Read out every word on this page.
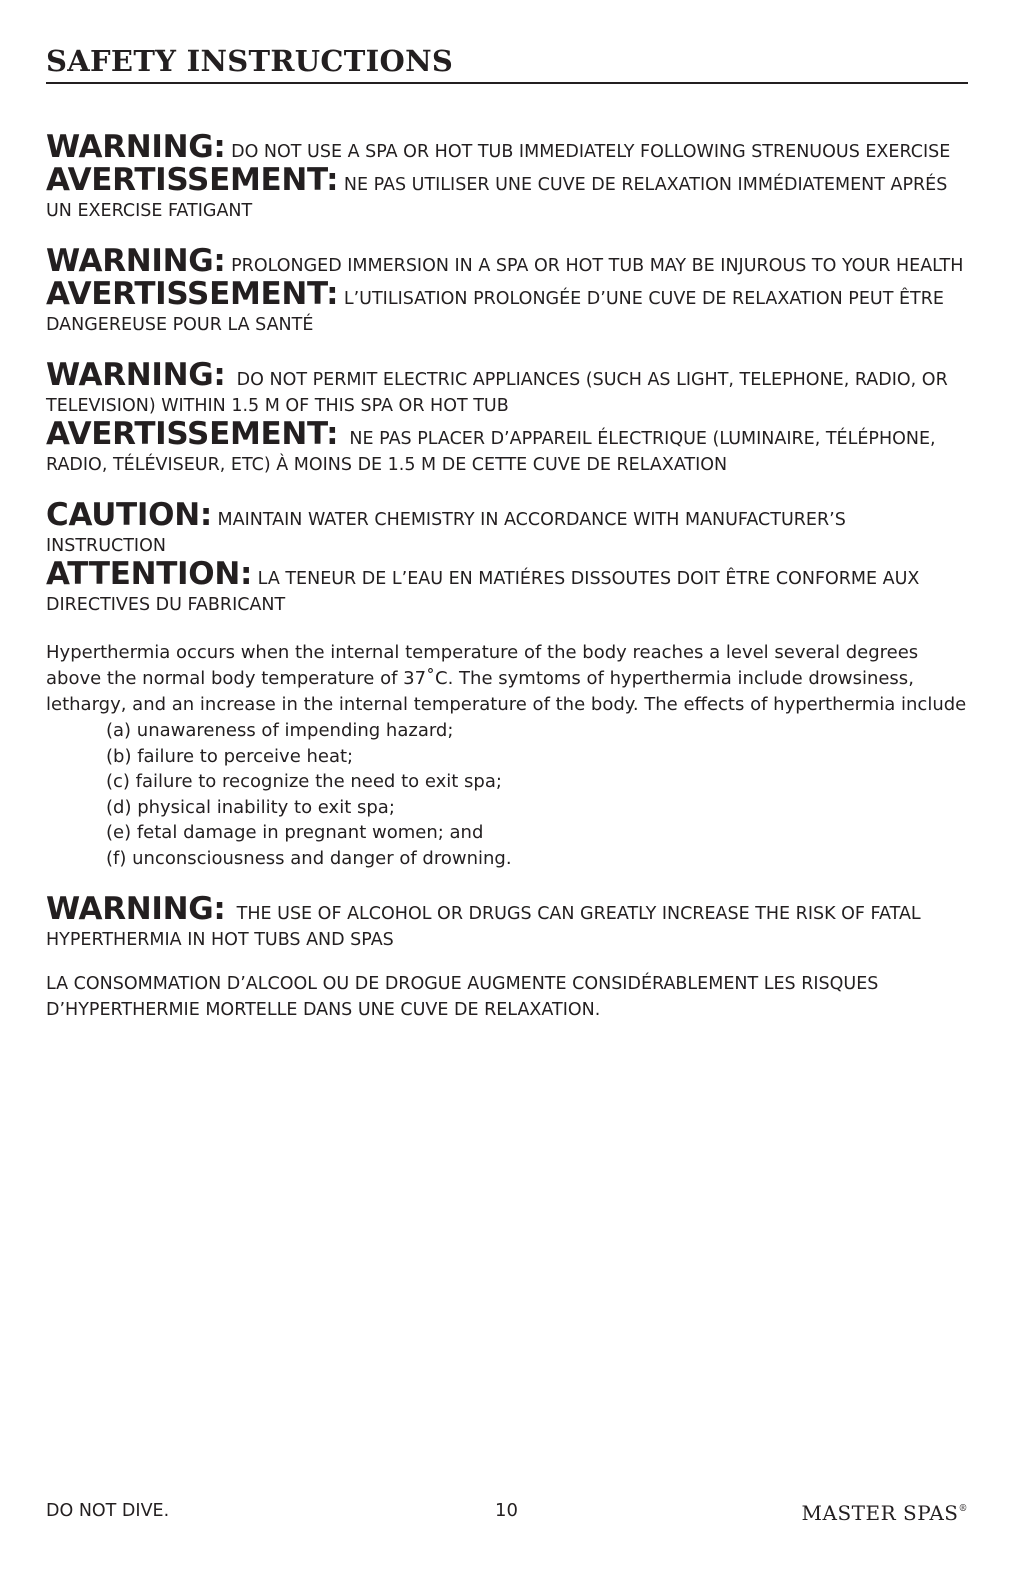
SAFETY INSTRUCTIONS

WARNING: DO NOT USE A SPA OR HOT TUB IMMEDIATELY FOLLOWING STRENUOUS EXERCISE

AVERTISSEMENT: NE PAS UTILISER UNE CUVE DE RELAXATION IMMÉDIATEMENT APRÉS UN EXERCISE FATIGANT

WARNING: PROLONGED IMMERSION IN A SPA OR HOT TUB MAY BE INJUROUS TO YOUR HEALTH

AVERTISSEMENT: L’UTILISATION PROLONGÉE D’UNE CUVE DE RELAXATION PEUT ÊTRE DANGEREUSE POUR LA SANTÉ

WARNING: DO NOT PERMIT ELECTRIC APPLIANCES (SUCH AS LIGHT, TELEPHONE, RADIO, OR TELEVISION) WITHIN 1.5 M OF THIS SPA OR HOT TUB

AVERTISSEMENT: NE PAS PLACER D’APPAREIL ÉLECTRIQUE (LUMINAIRE, TÉLÉPHONE, RADIO, TÉLÉVISEUR, ETC) À MOINS DE 1.5 M DE CETTE CUVE DE RELAXATION

CAUTION: MAINTAIN WATER CHEMISTRY IN ACCORDANCE WITH MANUFACTURER’S INSTRUCTION

ATTENTION: LA TENEUR DE L’EAU EN MATIÉRES DISSOUTES DOIT ÊTRE CONFORME AUX DIRECTIVES DU FABRICANT

Hyperthermia occurs when the internal temperature of the body reaches a level several degrees above the normal body temperature of 37˚C. The symtoms of hyperthermia include drowsiness, lethargy, and an increase in the internal temperature of the body. The effects of hyperthermia include

(a) unawareness of impending hazard;
(b) failure to perceive heat;
(c) failure to recognize the need to exit spa;
(d) physical inability to exit spa;
(e) fetal damage in pregnant women; and
(f) unconsciousness and danger of drowning.

WARNING: THE USE OF ALCOHOL OR DRUGS CAN GREATLY INCREASE THE RISK OF FATAL HYPERTHERMIA IN HOT TUBS AND SPAS

LA CONSOMMATION D’ALCOOL OU DE DROGUE AUGMENTE CONSIDÉRABLEMENT LES RISQUES D’HYPERTHERMIE MORTELLE DANS UNE CUVE DE RELAXATION.

DO NOT DIVE.	10	MASTER SPAS®
